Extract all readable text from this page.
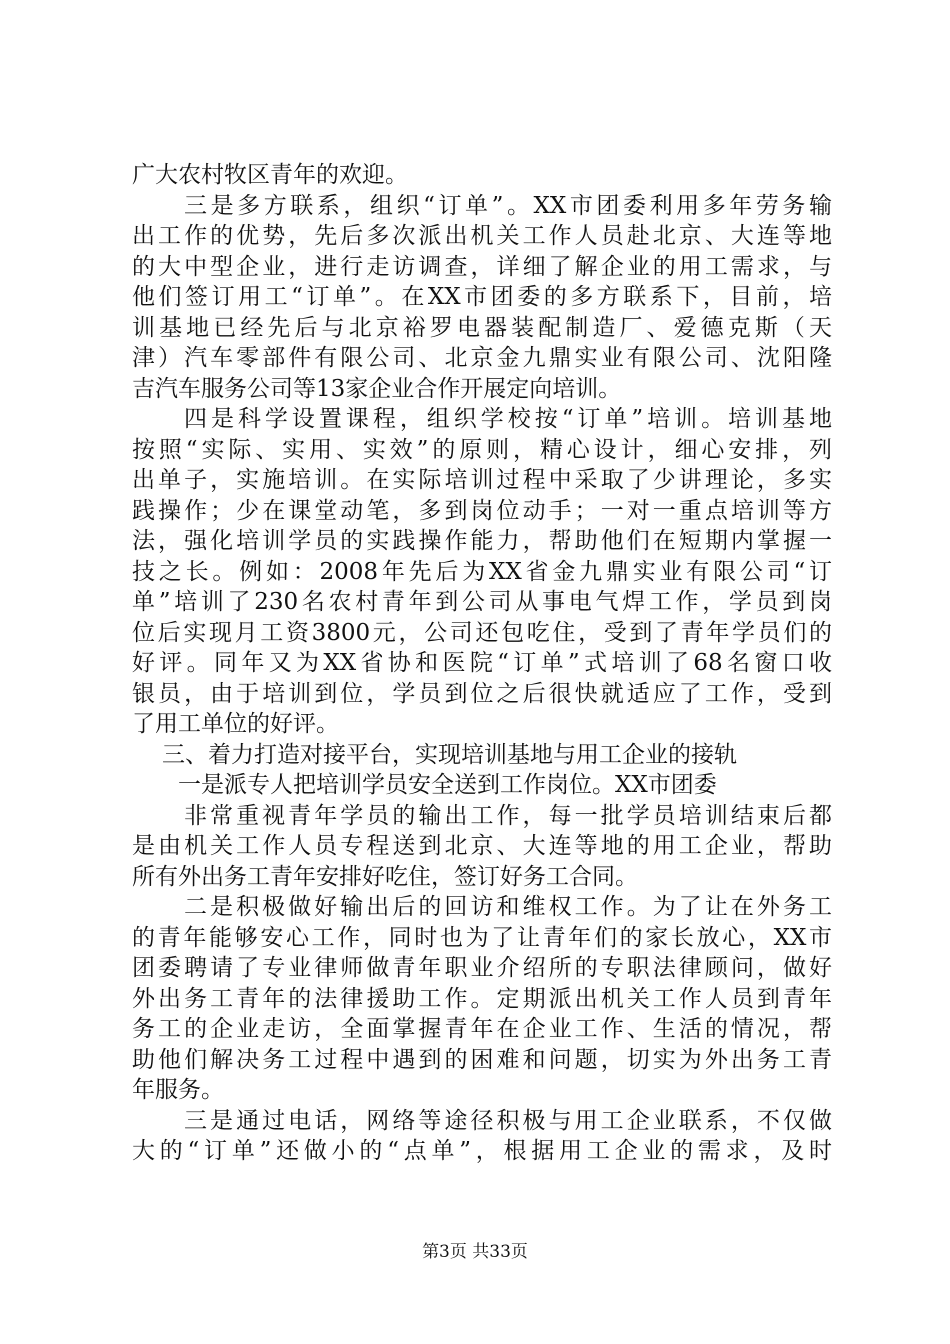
广大农村牧区青年的欢迎。
三是多方联系，组织“订单”。XX市团委利用多年劳务输
出工作的优势，先后多次派出机关工作人员赴北京、大连等地
的大中型企业，进行走访调查，详细了解企业的用工需求，与
他们签订用工“订单”。在XX市团委的多方联系下，目前，培
训基地已经先后与北京裕罗电器装配制造厂、爱德克斯（天
津）汽车零部件有限公司、北京金九鼎实业有限公司、沈阳隆
吉汽车服务公司等13家企业合作开展定向培训。
四是科学设置课程，组织学校按“订单”培训。培训基地
按照“实际、实用、实效”的原则，精心设计，细心安排，列
出单子，实施培训。在实际培训过程中采取了少讲理论，多实
践操作；少在课堂动笔，多到岗位动手；一对一重点培训等方
法，强化培训学员的实践操作能力，帮助他们在短期内掌握一
技之长。例如：2008年先后为XX省金九鼎实业有限公司“订
单”培训了230名农村青年到公司从事电气焊工作，学员到岗
位后实现月工资3800元，公司还包吃住，受到了青年学员们的
好评。同年又为XX省协和医院“订单”式培训了68名窗口收
银员，由于培训到位，学员到位之后很快就适应了工作，受到
了用工单位的好评。
三、着力打造对接平台，实现培训基地与用工企业的接轨
一是派专人把培训学员安全送到工作岗位。XX市团委
非常重视青年学员的输出工作，每一批学员培训结束后都
是由机关工作人员专程送到北京、大连等地的用工企业，帮助
所有外出务工青年安排好吃住，签订好务工合同。
二是积极做好输出后的回访和维权工作。为了让在外务工
的青年能够安心工作，同时也为了让青年们的家长放心，XX市
团委聘请了专业律师做青年职业介绍所的专职法律顾问，做好
外出务工青年的法律援助工作。定期派出机关工作人员到青年
务工的企业走访，全面掌握青年在企业工作、生活的情况，帮
助他们解决务工过程中遇到的困难和问题，切实为外出务工青
年服务。
三是通过电话，网络等途径积极与用工企业联系，不仅做
大的“订单”还做小的“点单”，根据用工企业的需求，及时
第3页 共33页
